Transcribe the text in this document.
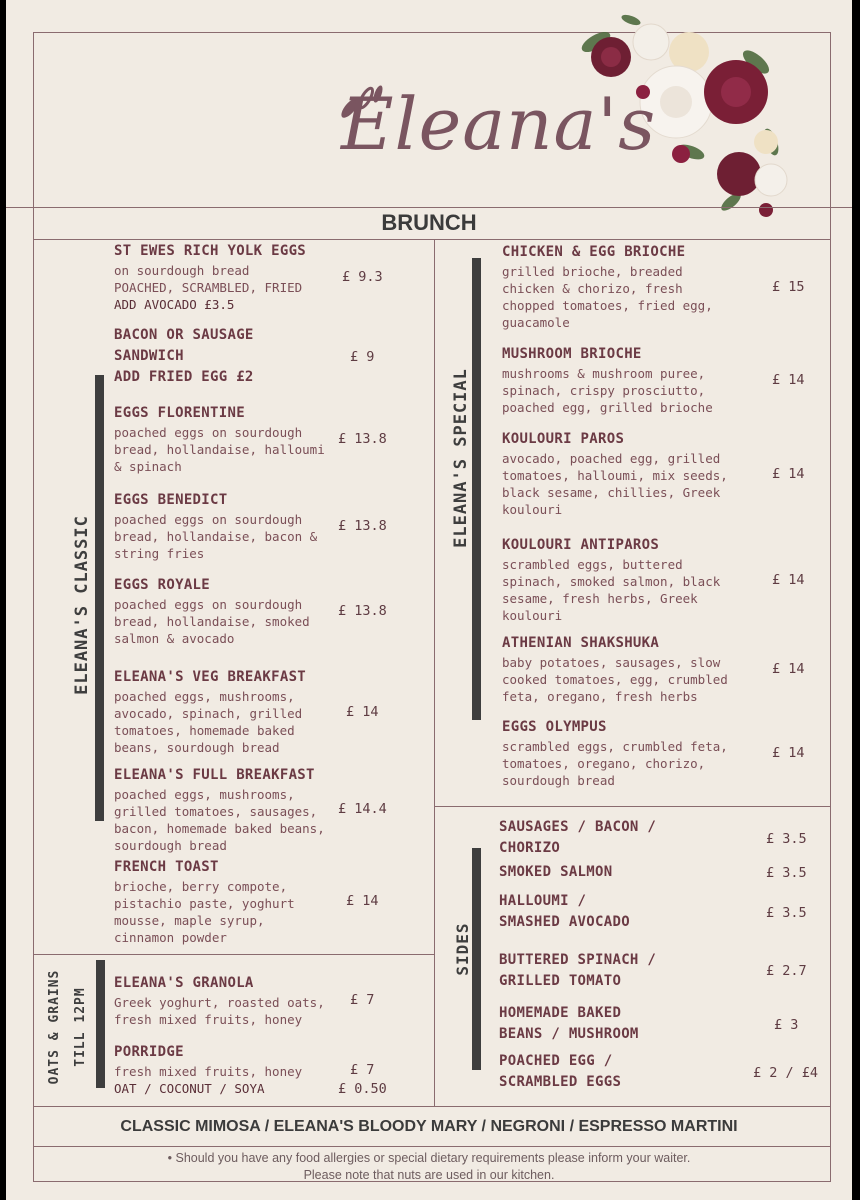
Eleana's
BRUNCH
ELEANA'S CLASSIC
ELEANA'S SPECIAL
SIDES
OATS & GRAINS TILL 12PM
ST EWES RICH YOLK EGGS
on sourdough bread
POACHED, SCRAMBLED, FRIED
ADD AVOCADO £3.5
£ 9.3
BACON OR SAUSAGE
SANDWICH
ADD FRIED EGG £2
£ 9
EGGS FLORENTINE
poached eggs on sourdough
bread, hollandaise, halloumi
& spinach
£ 13.8
EGGS BENEDICT
poached eggs on sourdough
bread, hollandaise, bacon &
string fries
£ 13.8
EGGS ROYALE
poached eggs on sourdough
bread, hollandaise, smoked
salmon & avocado
£ 13.8
ELEANA'S VEG BREAKFAST
poached eggs, mushrooms,
avocado, spinach, grilled
tomatoes, homemade baked
beans, sourdough bread
£ 14
ELEANA'S FULL BREAKFAST
poached eggs, mushrooms,
grilled tomatoes, sausages,
bacon, homemade baked beans,
sourdough bread
£ 14.4
FRENCH TOAST
brioche, berry compote,
pistachio paste, yoghurt
mousse, maple syrup,
cinnamon powder
£ 14
ELEANA'S GRANOLA
Greek yoghurt, roasted oats,
fresh mixed fruits, honey
£ 7
PORRIDGE
fresh mixed fruits, honey
OAT / COCONUT / SOYA
£ 7
£ 0.50
CHICKEN & EGG BRIOCHE
grilled brioche, breaded
chicken & chorizo, fresh
chopped tomatoes, fried egg,
guacamole
£ 15
MUSHROOM BRIOCHE
mushrooms & mushroom puree,
spinach, crispy prosciutto,
poached egg, grilled brioche
£ 14
KOULOURI PAROS
avocado, poached egg, grilled
tomatoes, halloumi, mix seeds,
black sesame, chillies, Greek
koulouri
£ 14
KOULOURI ANTIPAROS
scrambled eggs, buttered
spinach, smoked salmon, black
sesame, fresh herbs, Greek
koulouri
£ 14
ATHENIAN SHAKSHUKA
baby potatoes, sausages, slow
cooked tomatoes, egg, crumbled
feta, oregano, fresh herbs
£ 14
EGGS OLYMPUS
scrambled eggs, crumbled feta,
tomatoes, oregano, chorizo,
sourdough bread
£ 14
SAUSAGES / BACON /
CHORIZO
£ 3.5
SMOKED SALMON	£ 3.5
HALLOUMI /
SMASHED AVOCADO
£ 3.5
BUTTERED SPINACH /
GRILLED TOMATO
£ 2.7
HOMEMADE BAKED
BEANS / MUSHROOM
£ 3
POACHED EGG /
SCRAMBLED EGGS
£ 2 / £4
CLASSIC MIMOSA / ELEANA'S BLOODY MARY / NEGRONI / ESPRESSO MARTINI
• Should you have any food allergies or special dietary requirements please inform your waiter.
Please note that nuts are used in our kitchen.
